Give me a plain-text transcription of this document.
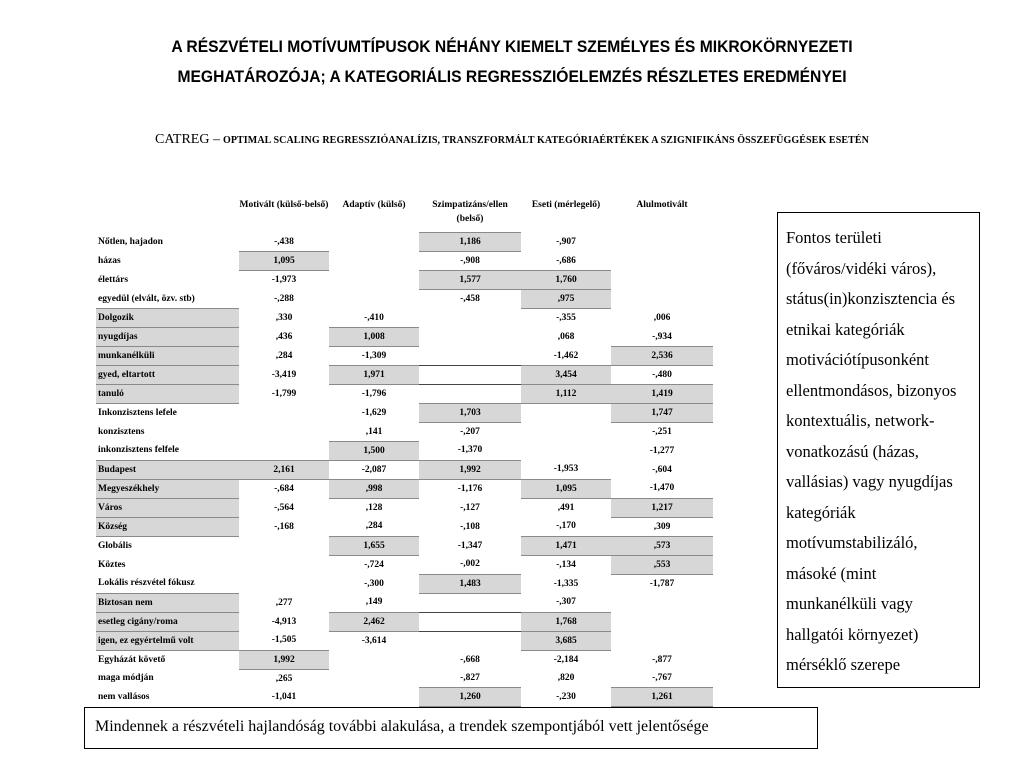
A RÉSZVÉTELI MOTÍVUMTÍPUSOK NÉHÁNY KIEMELT SZEMÉLYES ÉS MIKROKÖRNYEZETI
MEGHATÁROZÓJA; A KATEGORIÁLIS REGRESSZIÓELEMZÉS RÉSZLETES EREDMÉNYEI
CATREG – OPTIMAL SCALING REGRESSZIÓANALÍZIS, TRANSZFORMÁLT KATEGÓRIAÉRTÉKEK A SZIGNIFIKÁNS ÖSSZEFÜGGÉSEK ESETÉN
	Motivált (külső-belső)	Adaptív (külső)	Szimpatizáns/ellen (belső)	Eseti (mérlegelő)	Alulmotivált
Nőtlen, hajadon	-,438		1,186	-,907	
házas	1,095		-,908	-,686	
élettárs	-1,973		1,577	1,760	
egyedül (elvált, özv. stb)	-,288		-,458	,975	
Dolgozik	,330	-,410		-,355	,006
nyugdíjas	,436	1,008		,068	-,934
munkanélküli	,284	-1,309		-1,462	2,536
gyed, eltartott	-3,419	1,971		3,454	-,480
tanuló	-1,799	-1,796		1,112	1,419
Inkonzisztens lefele		-1,629	1,703		1,747
konzisztens		,141	-,207		-,251
inkonzisztens felfele		1,500	-1,370		-1,277
Budapest	2,161	-2,087	1,992	-1,953	-,604
Megyeszékhely	-,684	,998	-1,176	1,095	-1,470
Város	-,564	,128	-,127	,491	1,217
Község	-,168	,284	-,108	-,170	,309
Globális		1,655	-1,347	1,471	,573
Köztes		-,724	-,002	-,134	,553
Lokális részvétel fókusz		-,300	1,483	-1,335	-1,787
Biztosan nem	,277	,149		-,307	
esetleg cigány/roma	-4,913	2,462		1,768	
igen, ez egyértelmű volt	-1,505	-3,614		3,685	
Egyházát követő	1,992		-,668	-2,184	-,877
maga módján	,265		-,827	,820	-,767
nem vallásos	-1,041		1,260	-,230	1,261
Fontos területi (főváros/vidéki város), státus(in)konzisztencia és etnikai kategóriák motivációtípusonként ellentmondásos, bizonyos kontextuális, network-vonatkozású (házas, vallásias) vagy nyugdíjas kategóriák motívumstabilizáló, másoké (mint munkanélküli vagy hallgatói környezet) mérséklő szerepe
Mindennek a részvételi hajlandóság további alakulása, a trendek szempontjából vett jelentősége
